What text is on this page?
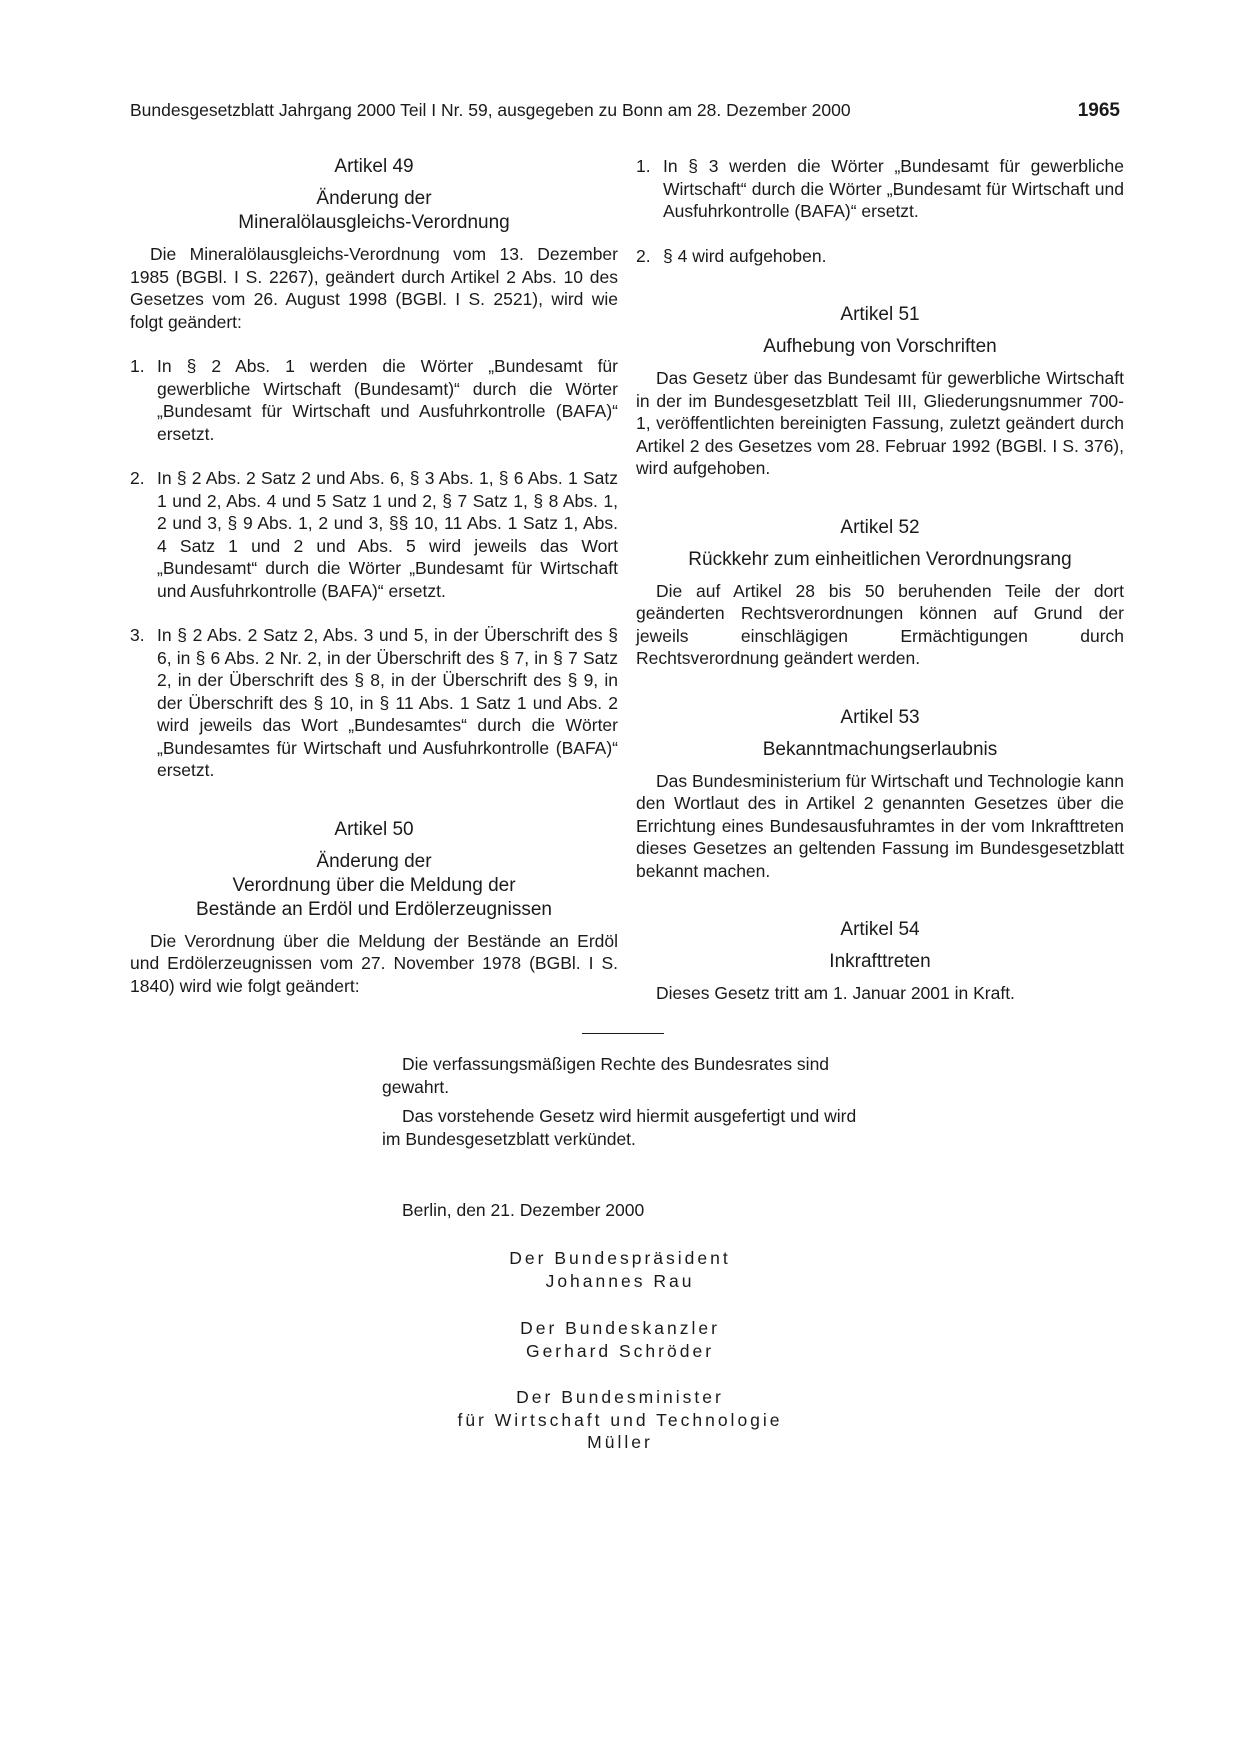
Bundesgesetzblatt Jahrgang 2000 Teil I Nr. 59, ausgegeben zu Bonn am 28. Dezember 2000	1965
Artikel 49
Änderung der
Mineralölausgleichs-Verordnung

Die Mineralölausgleichs-Verordnung vom 13. Dezember 1985 (BGBl. I S. 2267), geändert durch Artikel 2 Abs. 10 des Gesetzes vom 26. August 1998 (BGBl. I S. 2521), wird wie folgt geändert:

1. In § 2 Abs. 1 werden die Wörter „Bundesamt für gewerbliche Wirtschaft (Bundesamt)“ durch die Wörter „Bundesamt für Wirtschaft und Ausfuhrkontrolle (BAFA)“ ersetzt.
2. In § 2 Abs. 2 Satz 2 und Abs. 6, § 3 Abs. 1, § 6 Abs. 1 Satz 1 und 2, Abs. 4 und 5 Satz 1 und 2, § 7 Satz 1, § 8 Abs. 1, 2 und 3, § 9 Abs. 1, 2 und 3, §§ 10, 11 Abs. 1 Satz 1, Abs. 4 Satz 1 und 2 und Abs. 5 wird jeweils das Wort „Bundesamt“ durch die Wörter „Bundesamt für Wirtschaft und Ausfuhrkontrolle (BAFA)“ ersetzt.
3. In § 2 Abs. 2 Satz 2, Abs. 3 und 5, in der Überschrift des § 6, in § 6 Abs. 2 Nr. 2, in der Überschrift des § 7, in § 7 Satz 2, in der Überschrift des § 8, in der Überschrift des § 9, in der Überschrift des § 10, in § 11 Abs. 1 Satz 1 und Abs. 2 wird jeweils das Wort „Bundesamtes“ durch die Wörter „Bundesamtes für Wirtschaft und Ausfuhrkontrolle (BAFA)“ ersetzt.
Artikel 50
Änderung der
Verordnung über die Meldung der
Bestände an Erdöl und Erdölerzeugnissen

Die Verordnung über die Meldung der Bestände an Erdöl und Erdölerzeugnissen vom 27. November 1978 (BGBl. I S. 1840) wird wie folgt geändert:

1. In § 3 werden die Wörter „Bundesamt für gewerbliche Wirtschaft“ durch die Wörter „Bundesamt für Wirtschaft und Ausfuhrkontrolle (BAFA)“ ersetzt.
2. § 4 wird aufgehoben.
Artikel 51
Aufhebung von Vorschriften

Das Gesetz über das Bundesamt für gewerbliche Wirtschaft in der im Bundesgesetzblatt Teil III, Gliederungsnummer 700-1, veröffentlichten bereinigten Fassung, zuletzt geändert durch Artikel 2 des Gesetzes vom 28. Februar 1992 (BGBl. I S. 376), wird aufgehoben.

Artikel 52
Rückkehr zum einheitlichen Verordnungsrang

Die auf Artikel 28 bis 50 beruhenden Teile der dort geänderten Rechtsverordnungen können auf Grund der jeweils einschlägigen Ermächtigungen durch Rechtsverordnung geändert werden.

Artikel 53
Bekanntmachungserlaubnis

Das Bundesministerium für Wirtschaft und Technologie kann den Wortlaut des in Artikel 2 genannten Gesetzes über die Errichtung eines Bundesausfuhramtes in der vom Inkrafttreten dieses Gesetzes an geltenden Fassung im Bundesgesetzblatt bekannt machen.

Artikel 54
Inkrafttreten

Dieses Gesetz tritt am 1. Januar 2001 in Kraft.

Die verfassungsmäßigen Rechte des Bundesrates sind gewahrt.

Das vorstehende Gesetz wird hiermit ausgefertigt und wird im Bundesgesetzblatt verkündet.

Berlin, den 21. Dezember 2000
Der Bundespräsident
Johannes Rau
Der Bundeskanzler
Gerhard Schröder
Der Bundesminister
für Wirtschaft und Technologie
Müller
